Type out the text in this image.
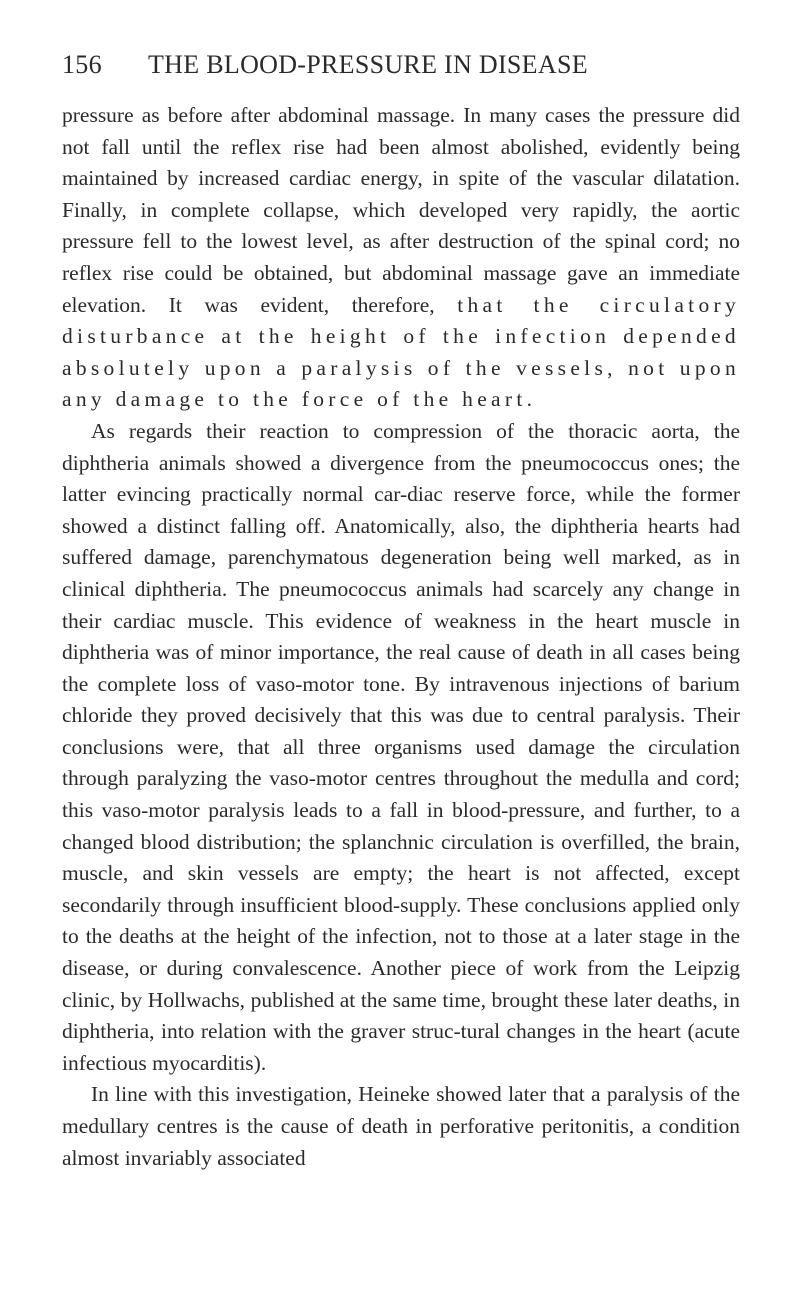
156 THE BLOOD-PRESSURE IN DISEASE

pressure as before after abdominal massage. In many cases the pressure did not fall until the reflex rise had been almost abolished, evidently being maintained by increased cardiac energy, in spite of the vascular dilatation. Finally, in complete collapse, which developed very rapidly, the aortic pressure fell to the lowest level, as after destruction of the spinal cord; no reflex rise could be obtained, but abdominal massage gave an immediate elevation. It was evident, therefore, that the circulatory disturbance at the height of the infection depended absolutely upon a paralysis of the vessels, not upon any damage to the force of the heart.

As regards their reaction to compression of the thoracic aorta, the diphtheria animals showed a divergence from the pneumococcus ones; the latter evincing practically normal car-diac reserve force, while the former showed a distinct falling off. Anatomically, also, the diphtheria hearts had suffered damage, parenchymatous degeneration being well marked, as in clinical diphtheria. The pneumococcus animals had scarcely any change in their cardiac muscle. This evidence of weakness in the heart muscle in diphtheria was of minor importance, the real cause of death in all cases being the complete loss of vaso-motor tone. By intravenous injections of barium chloride they proved decisively that this was due to central paralysis. Their conclusions were, that all three organisms used damage the circulation through paralyzing the vaso-motor centres throughout the medulla and cord; this vaso-motor paralysis leads to a fall in blood-pressure, and further, to a changed blood distribution; the splanchnic circulation is overfilled, the brain, muscle, and skin vessels are empty; the heart is not affected, except secondarily through insufficient blood-supply. These conclusions applied only to the deaths at the height of the infection, not to those at a later stage in the disease, or during convalescence. Another piece of work from the Leipzig clinic, by Hollwachs, published at the same time, brought these later deaths, in diphtheria, into relation with the graver struc-tural changes in the heart (acute infectious myocarditis).

In line with this investigation, Heineke showed later that a paralysis of the medullary centres is the cause of death in perforative peritonitis, a condition almost invariably associated
